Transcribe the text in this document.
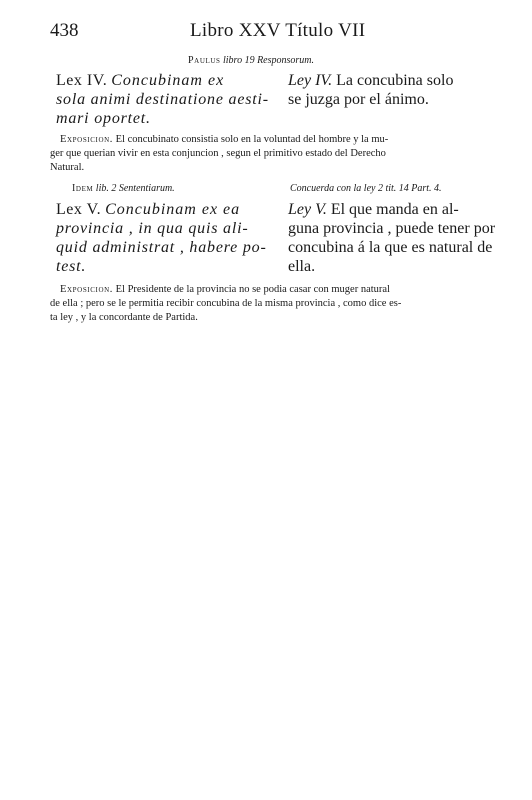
438	Libro XXV Título VII
Paulus libro 19 Responsorum.
Lex IV. Concubinam ex
sola animi destinatione aesti-
mari oportet.
Ley IV. La concubina solo
se juzga por el ánimo.
Exposicion. El concubinato consistia solo en la voluntad del hombre y la mu-
ger que querian vivir en esta conjuncion , segun el primitivo estado del Derecho
Natural.
Idem lib. 2 Sententiarum.	Concuerda con la ley 2 tit. 14 Part. 4.
Lex V. Concubinam ex ea
provincia , in qua quis ali-
quid administrat , habere po-
test.
Ley V. El que manda en al-
guna provincia , puede tener por
concubina á la que es natural de
ella.
Exposicion. El Presidente de la provincia no se podia casar con muger natural
de ella ; pero se le permitia recibir concubina de la misma provincia , como dice es-
ta ley , y la concordante de Partida.
